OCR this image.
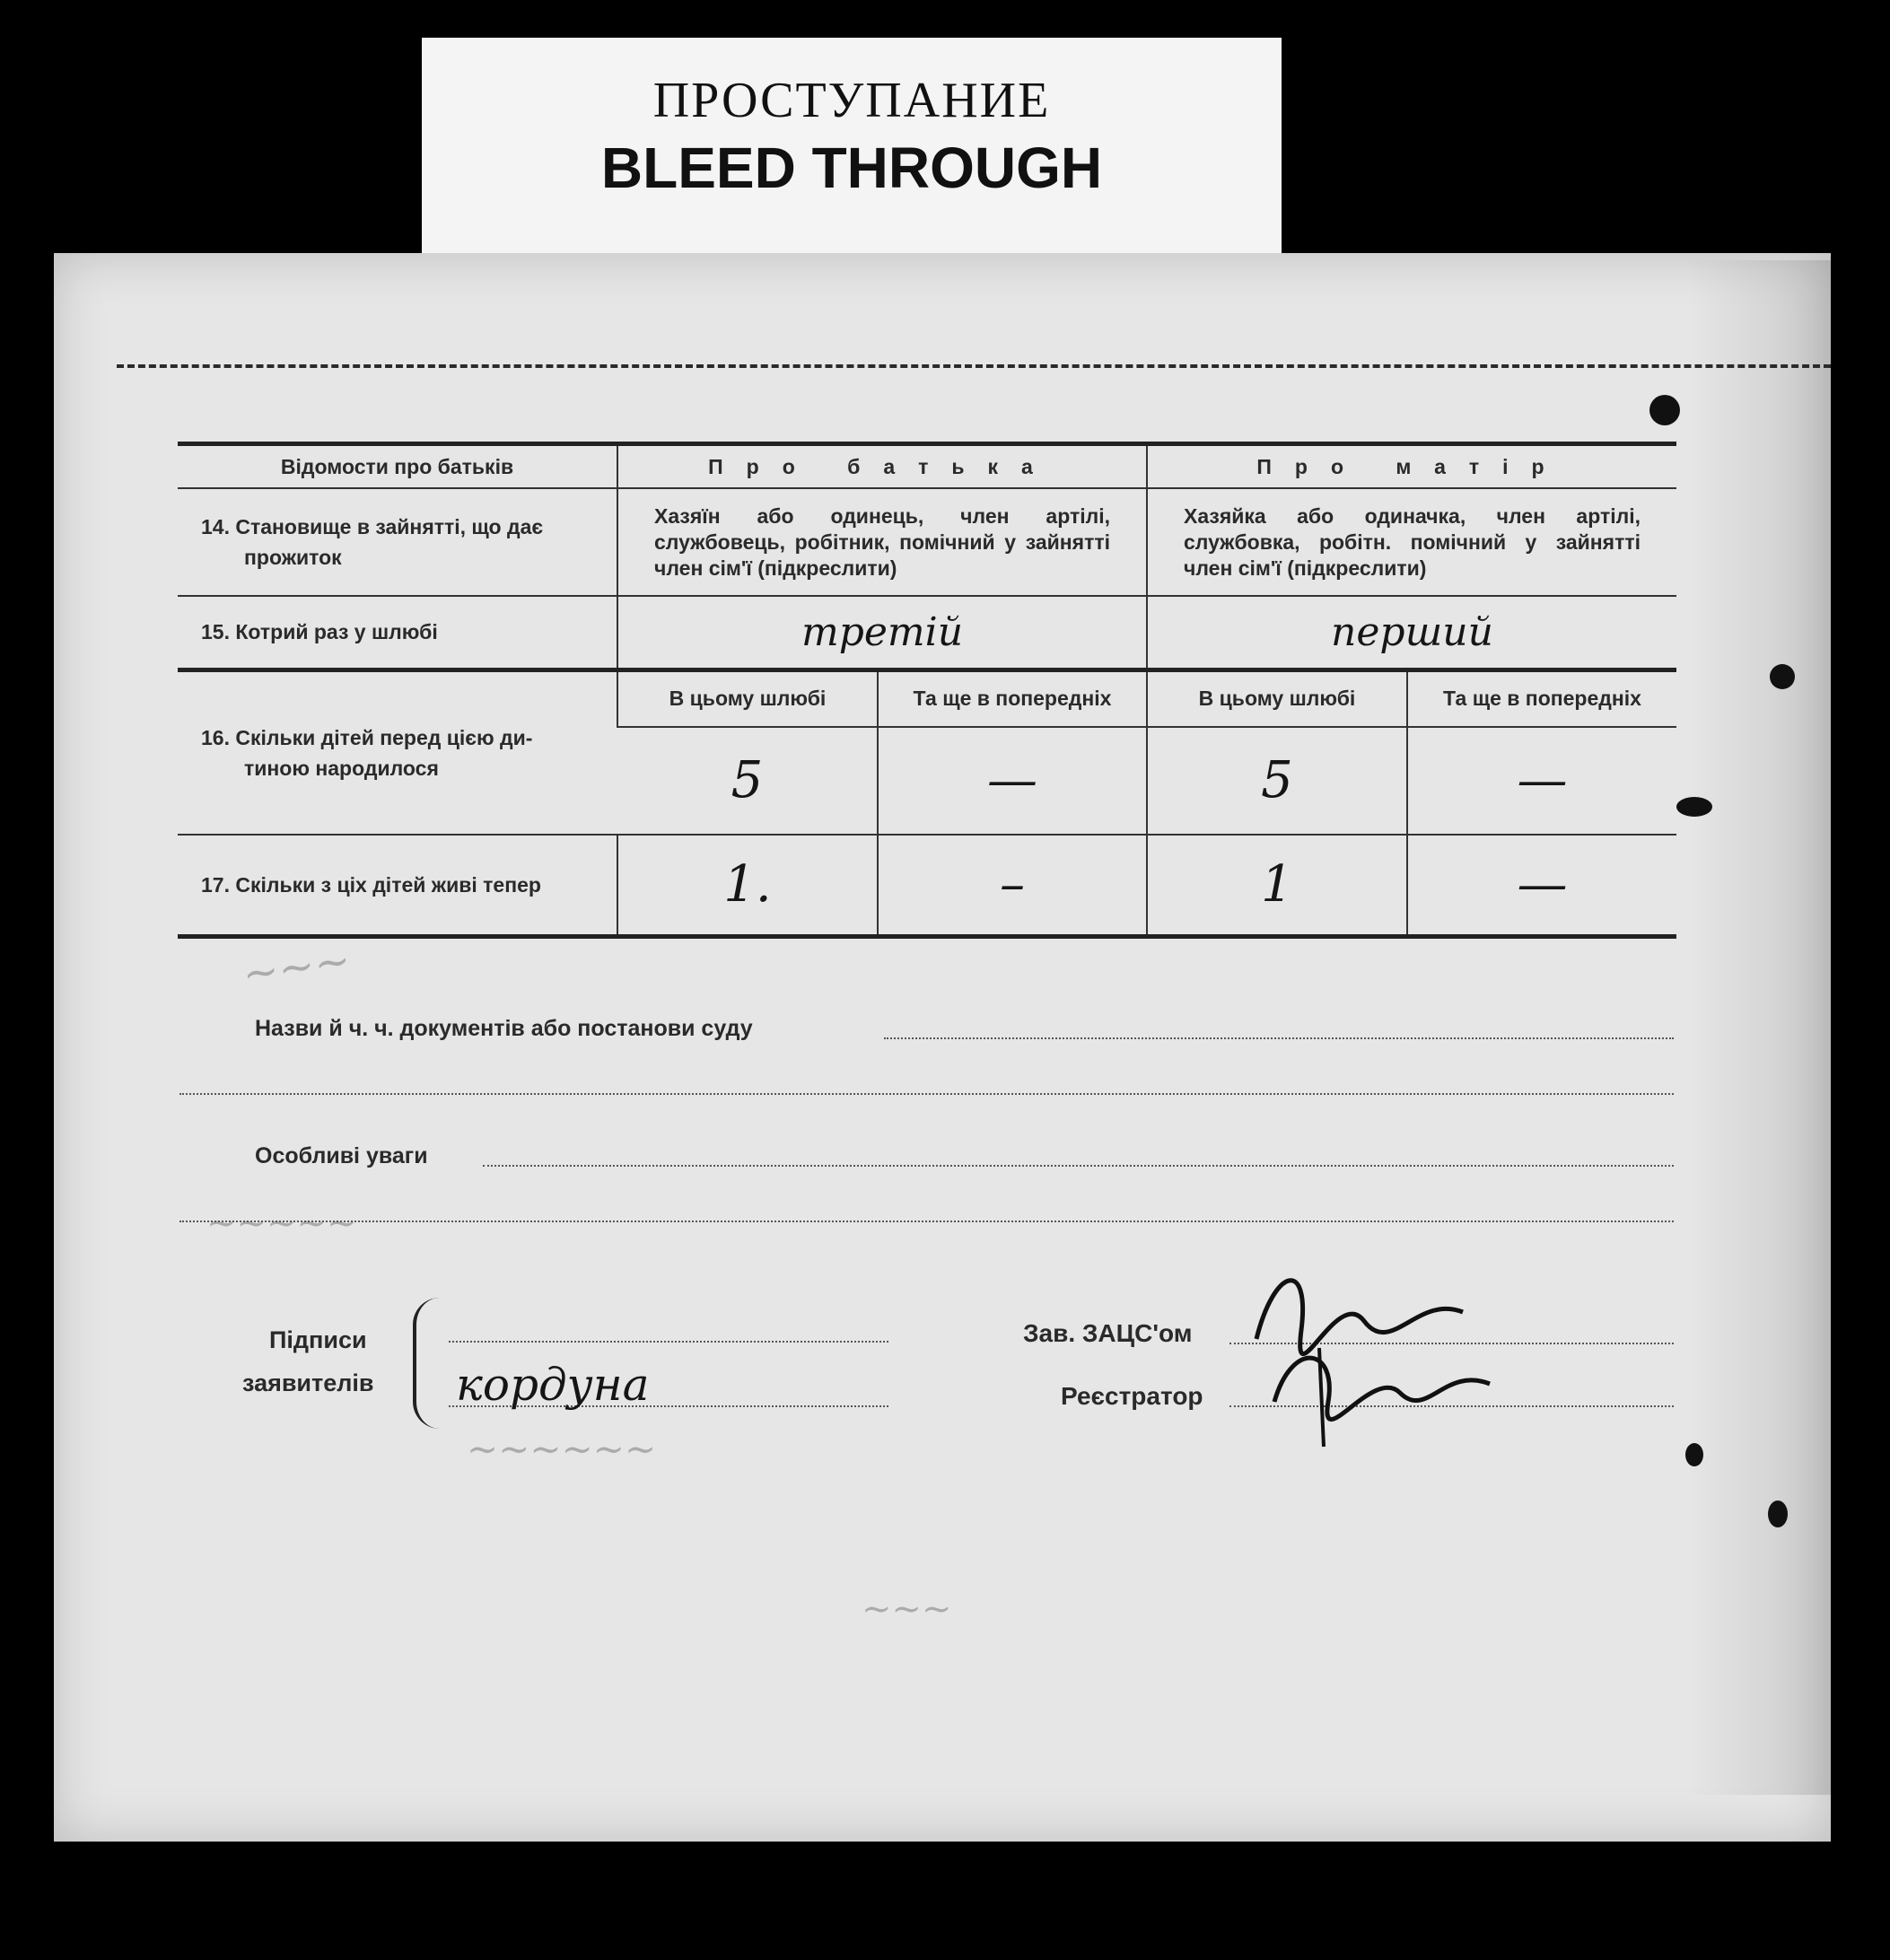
ПРОСТУПАНИЕ
BLEED THROUGH
~~~
~~~~~
~~~~~~
~~~
Відомости про батьків	Про батька		Про матір	

14. Становище в зайнятті, що дає
прожиток	Хазяїн або одинець, член артілі, службовець, робітник, помічний у зайнятті член сім'ї (підкреслити)		Хазяйка або одиначка, член артілі, службовка, робітн. помічний у зайнятті член сім'ї (підкреслити)	
15. Котрий раз у шлюбі	третій		перший	

16. Скільки дітей перед цією ди-
тиною народилося	В цьому шлюбі	Та ще в попередніх	В цьому шлюбі	Та ще в попередніх
	5	—	5	—
17. Скільки з ціх дітей живі тепер	1.	–	1	—
Назви й ч. ч. документів або постанови суду
Особливі уваги
Підписи
заявителів кордуна
Зав. ЗАЦС'ом
Реєстратор
